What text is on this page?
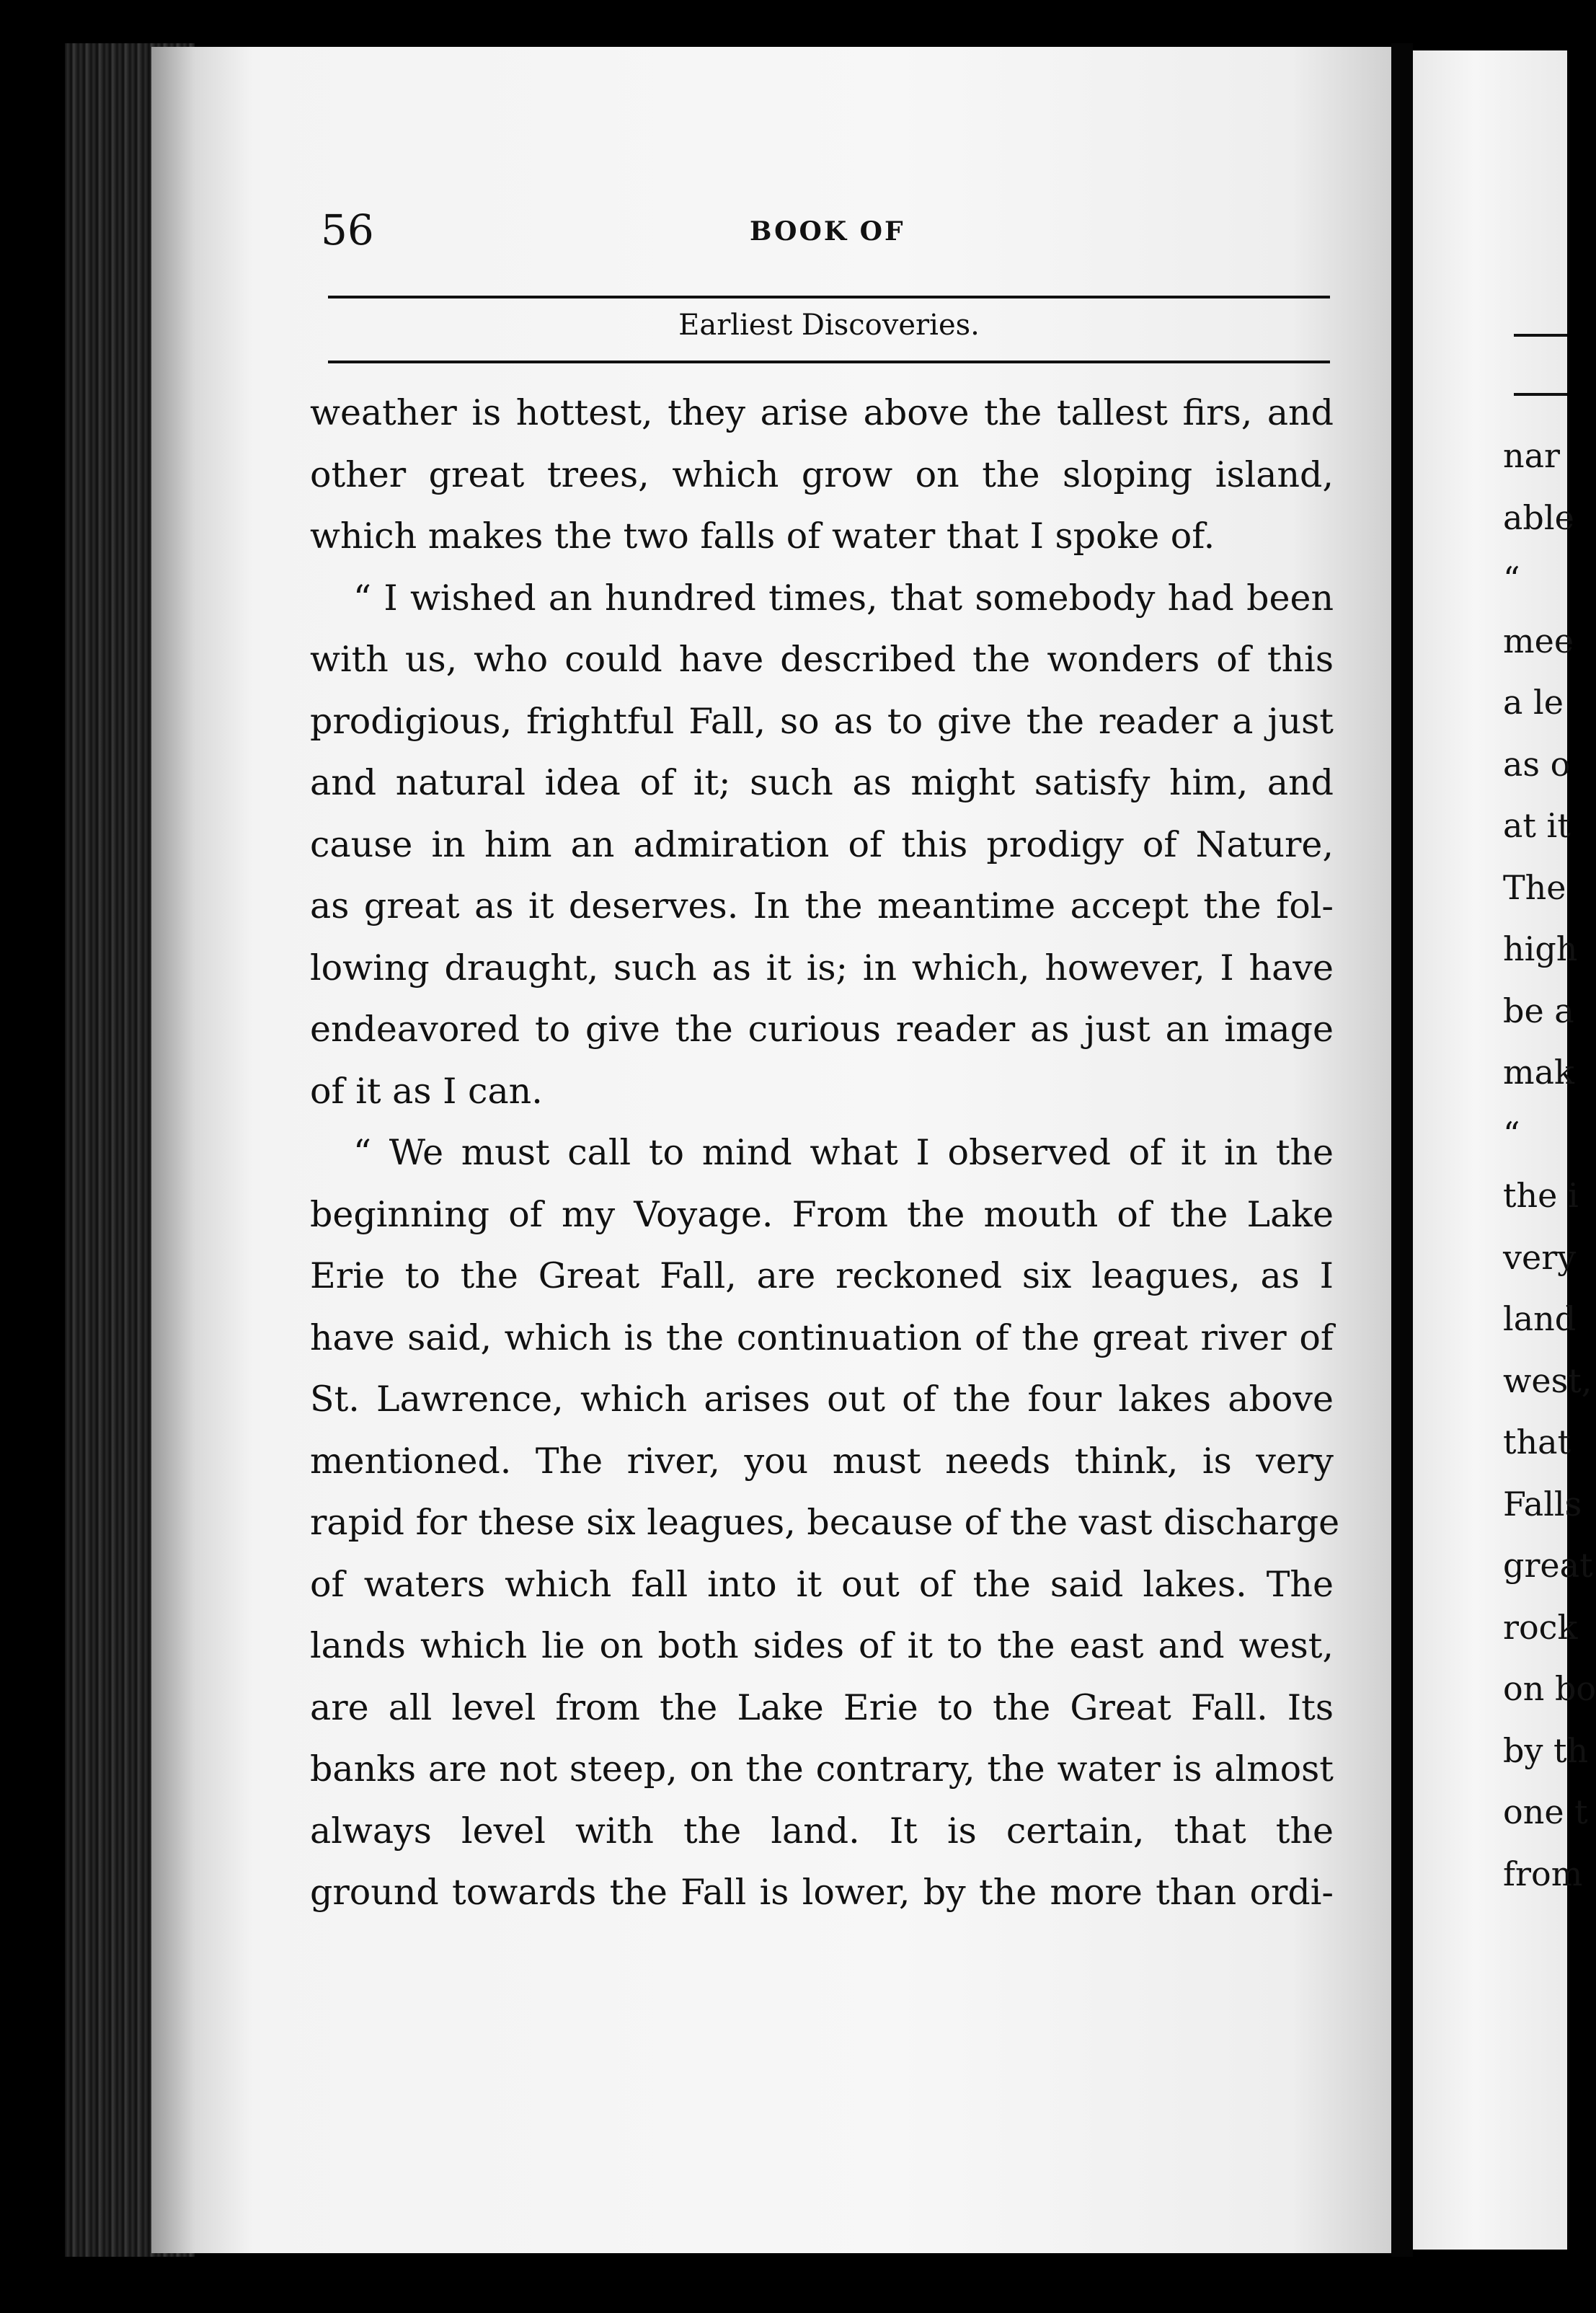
56	BOOK OF
Earliest Discoveries.
weather is hottest, they arise above the tallest firs, and
other great trees, which grow on the sloping island,
which makes the two falls of water that I spoke of.
“ I wished an hundred times, that somebody had been
with us, who could have described the wonders of this
prodigious, frightful Fall, so as to give the reader a just
and natural idea of it; such as might satisfy him, and
cause in him an admiration of this prodigy of Nature,
as great as it deserves. In the meantime accept the fol-
lowing draught, such as it is; in which, however, I have
endeavored to give the curious reader as just an image
of it as I can.
“ We must call to mind what I observed of it in the
beginning of my Voyage. From the mouth of the Lake
Erie to the Great Fall, are reckoned six leagues, as I
have said, which is the continuation of the great river of
St. Lawrence, which arises out of the four lakes above
mentioned. The river, you must needs think, is very
rapid for these six leagues, because of the vast discharge
of waters which fall into it out of the said lakes. The
lands which lie on both sides of it to the east and west,
are all level from the Lake Erie to the Great Fall. Its
banks are not steep, on the contrary, the water is almost
always level with the land. It is certain, that the
ground towards the Fall is lower, by the more than ordi-
nar
able
“
mee
a le
as o
at it
The
high
be a
mak
“
the i
very
land
west,
that
Falls
great
rock
on bo
by th
one t
from
